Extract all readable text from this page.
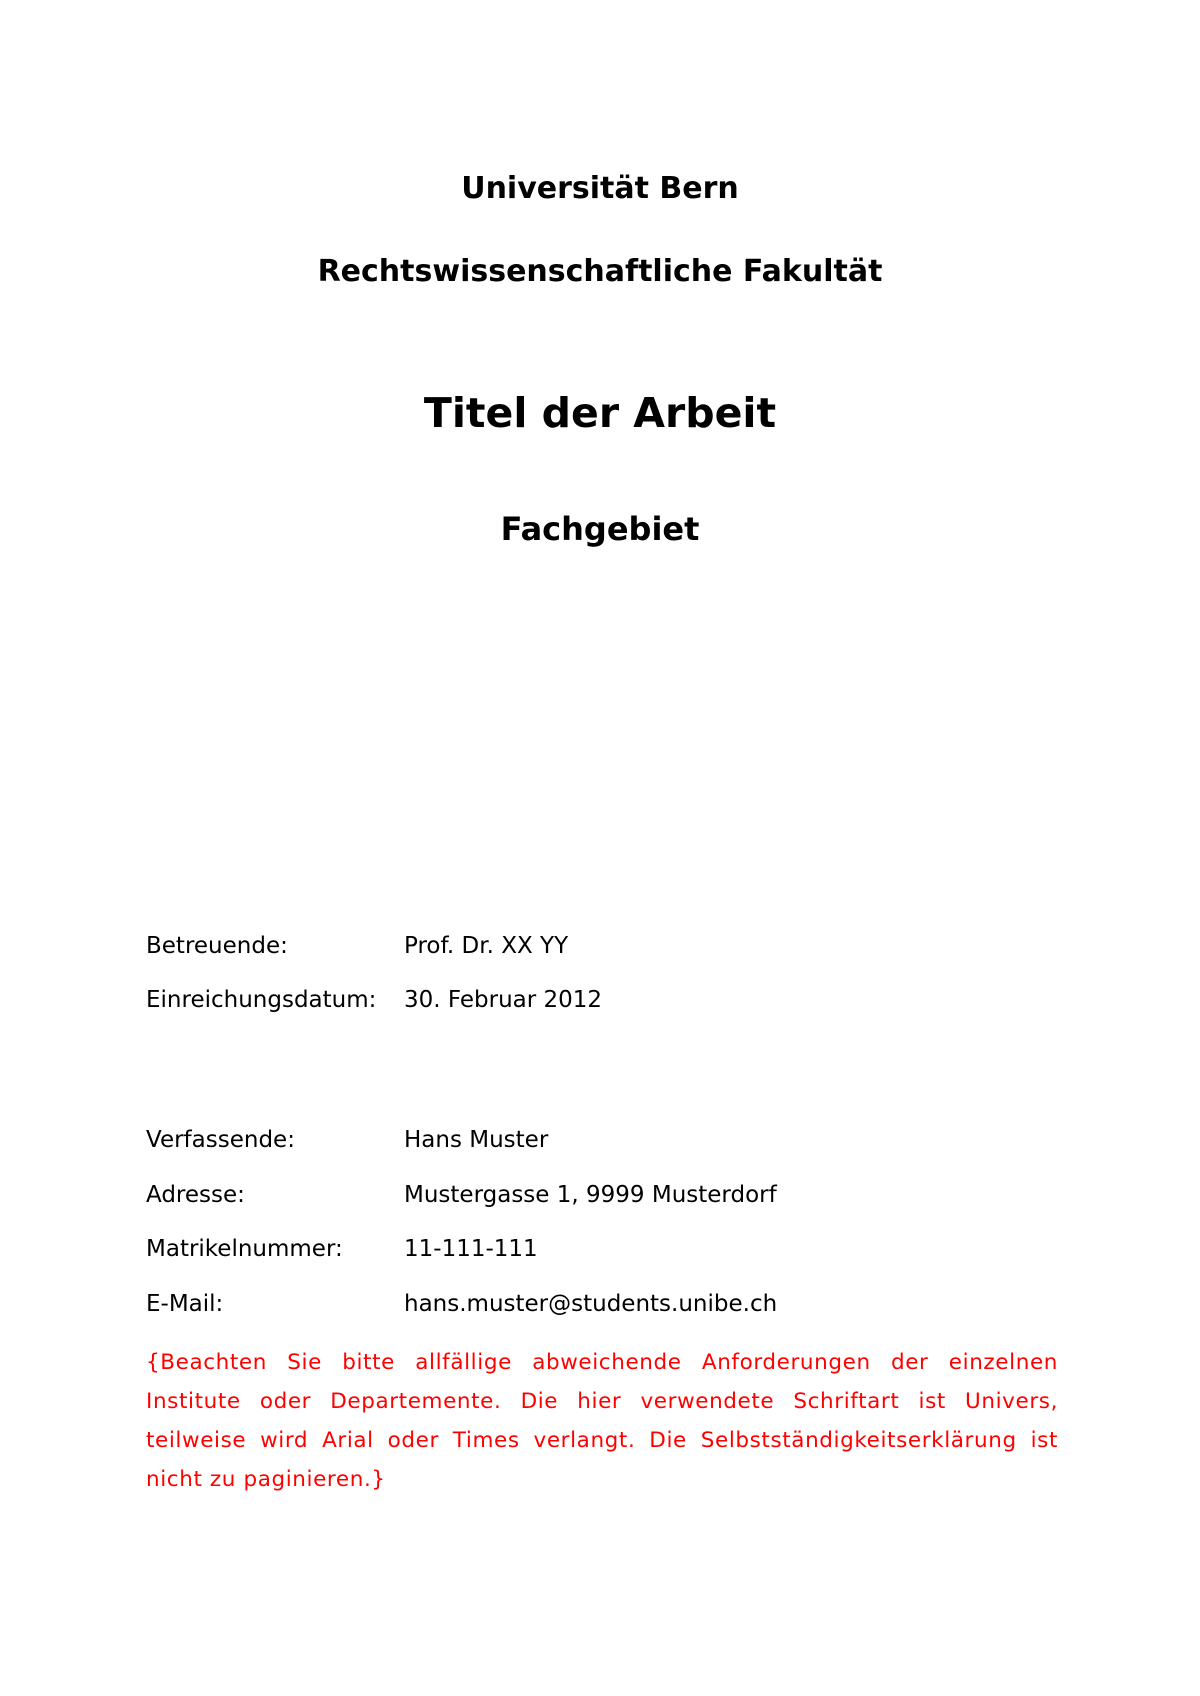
Universität Bern
Rechtswissenschaftliche Fakultät
Titel der Arbeit
Fachgebiet
Betreuende:	Prof. Dr. XX YY
Einreichungsdatum: 30. Februar 2012
Verfassende:	Hans Muster
Adresse:	Mustergasse 1, 9999 Musterdorf
Matrikelnummer:	11-111-111
E-Mail:	hans.muster@students.unibe.ch
{Beachten Sie bitte allfällige abweichende Anforderungen der einzelnen Institute oder Departemente. Die hier verwendete Schriftart ist Univers, teilweise wird Arial oder Times verlangt. Die Selbstständigkeitserklärung ist nicht zu paginieren.}
